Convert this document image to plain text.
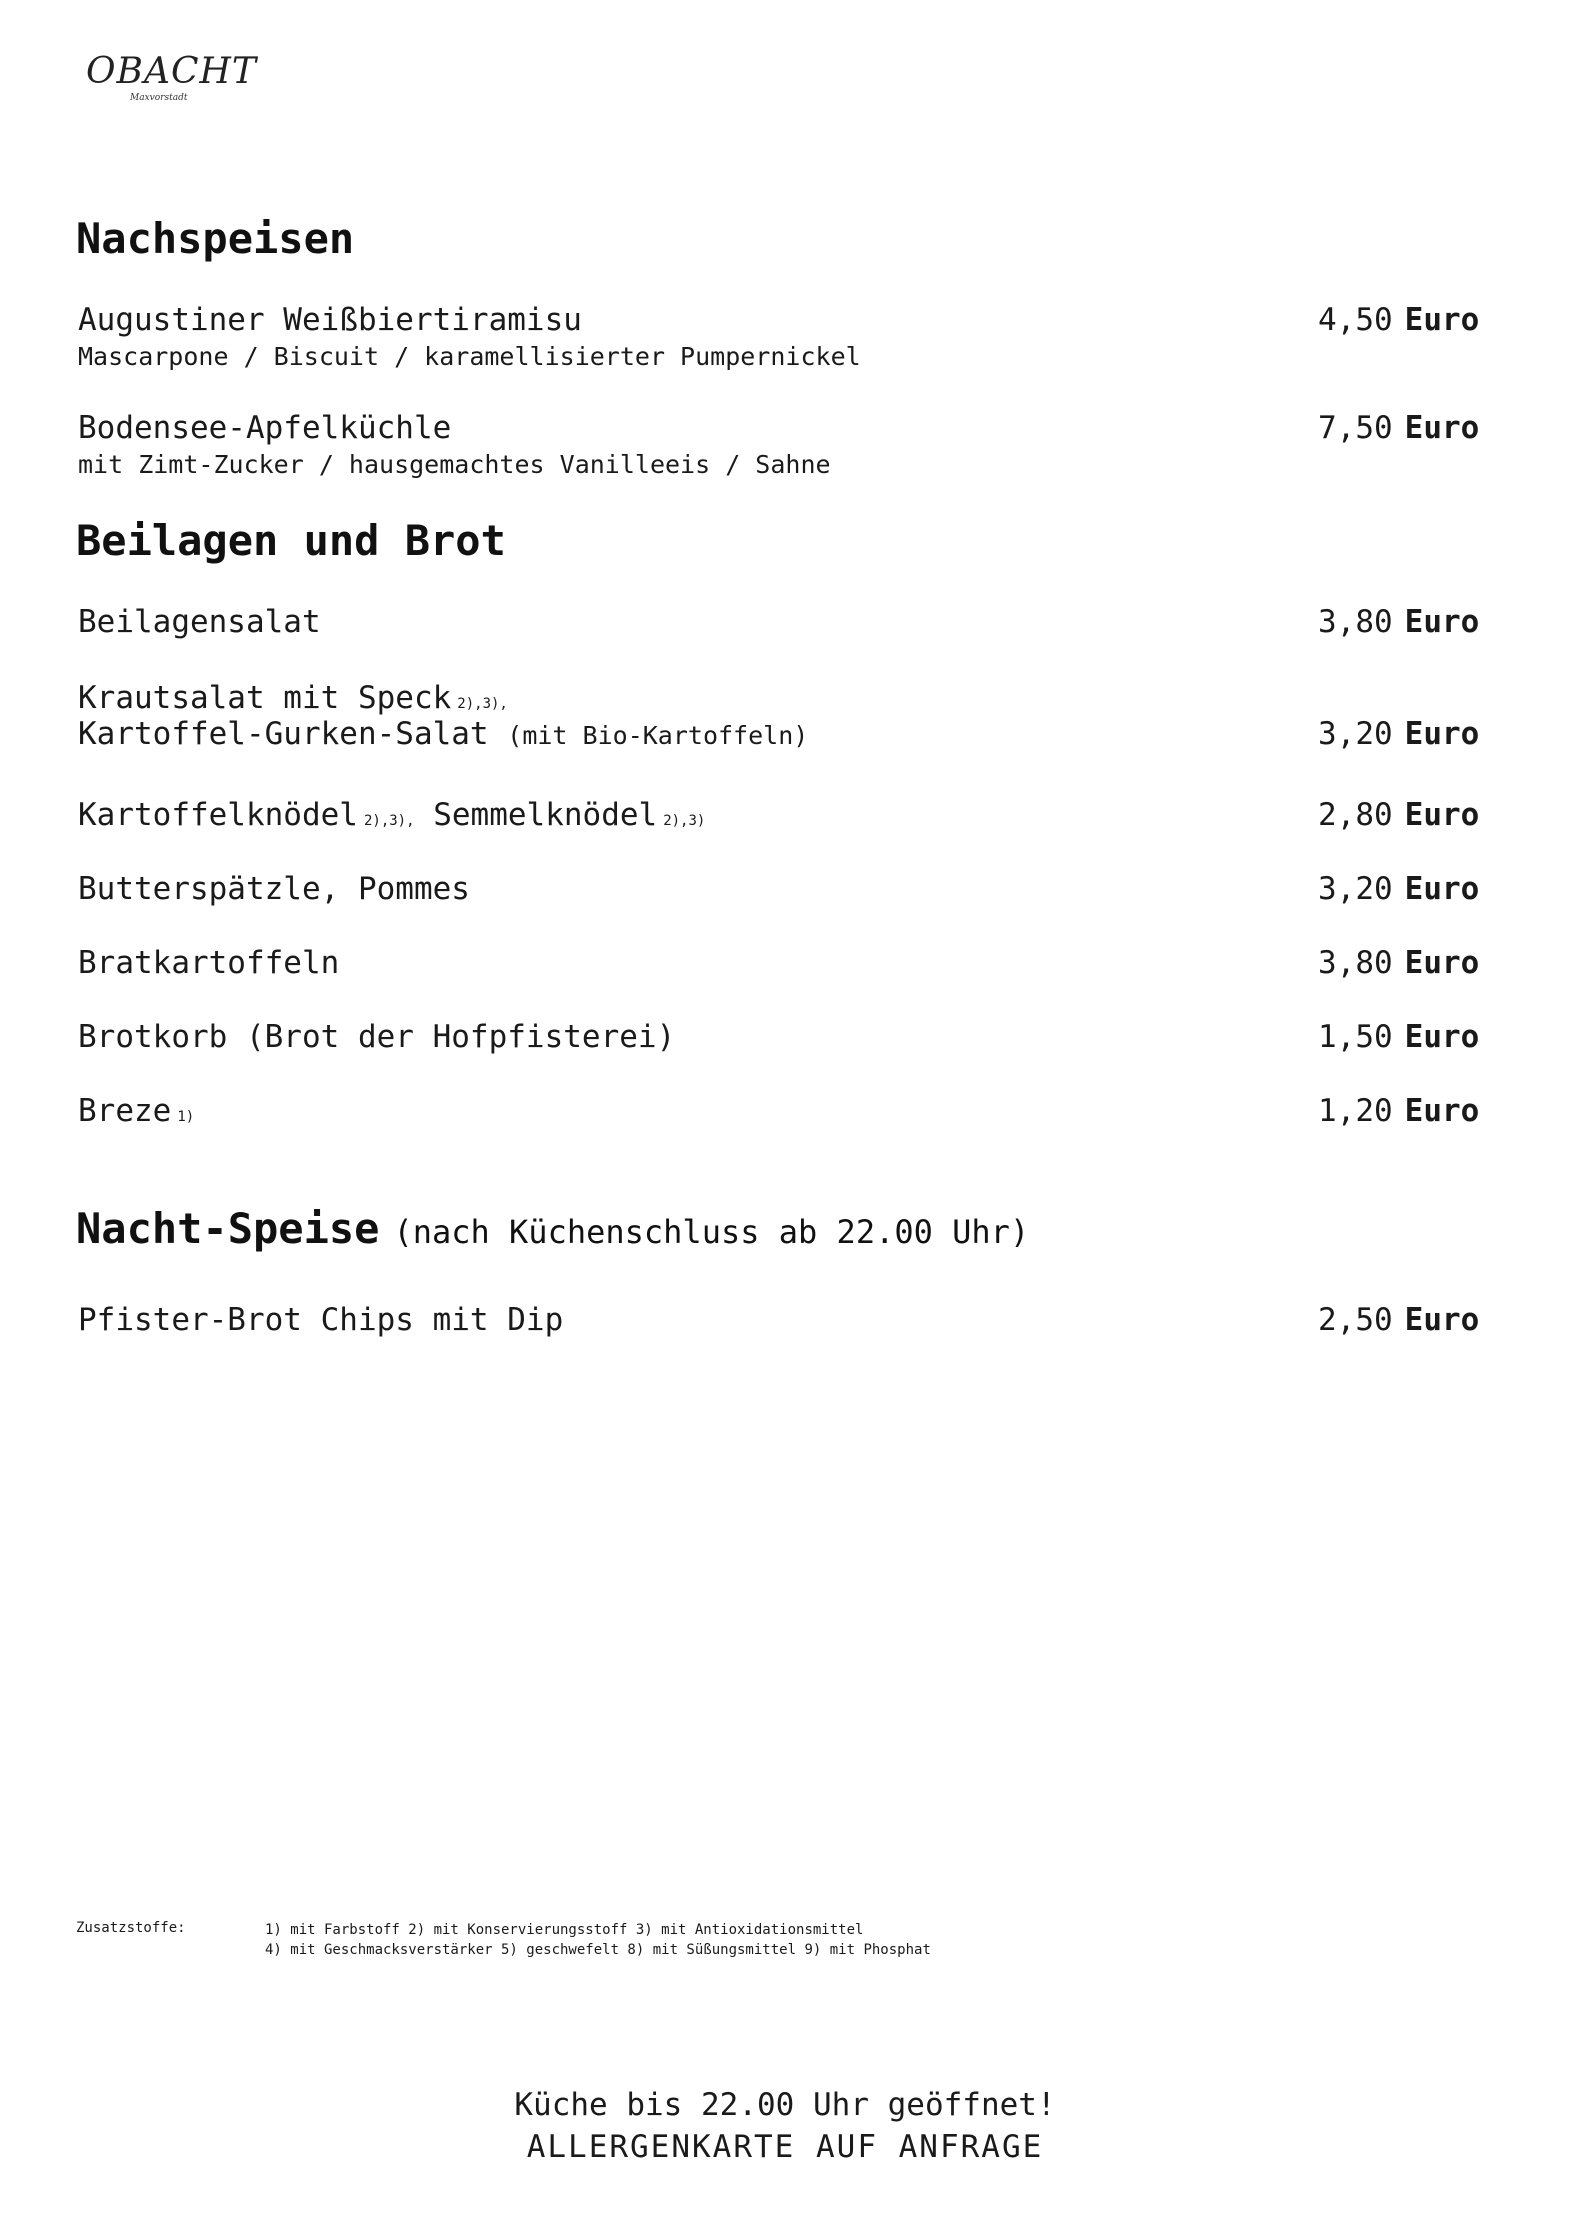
OBACHT
Maxvorstadt
Nachspeisen
Augustiner Weißbiertiramisu	4,50 Euro
Mascarpone / Biscuit / karamellisierter Pumpernickel
Bodensee-Apfelküchle	7,50 Euro
mit Zimt-Zucker / hausgemachtes Vanilleeis / Sahne
Beilagen und Brot
Beilagensalat	3,80 Euro
Krautsalat mit Speck 2),3),
Kartoffel-Gurken-Salat (mit Bio-Kartoffeln)	3,20 Euro
Kartoffelknödel 2),3), Semmelknödel 2),3)	2,80 Euro
Butterspätzle, Pommes	3,20 Euro
Bratkartoffeln	3,80 Euro
Brotkorb (Brot der Hofpfisterei)	1,50 Euro
Breze 1)	1,20 Euro
Nacht-Speise (nach Küchenschluss ab 22.00 Uhr)
Pfister-Brot Chips mit Dip	2,50 Euro
Zusatzstoffe:	1) mit Farbstoff 2) mit Konservierungsstoff 3) mit Antioxidationsmittel
4) mit Geschmacksverstärker 5) geschwefelt 8) mit Süßungsmittel 9) mit Phosphat
Küche bis 22.00 Uhr geöffnet!
ALLERGENKARTE AUF ANFRAGE
